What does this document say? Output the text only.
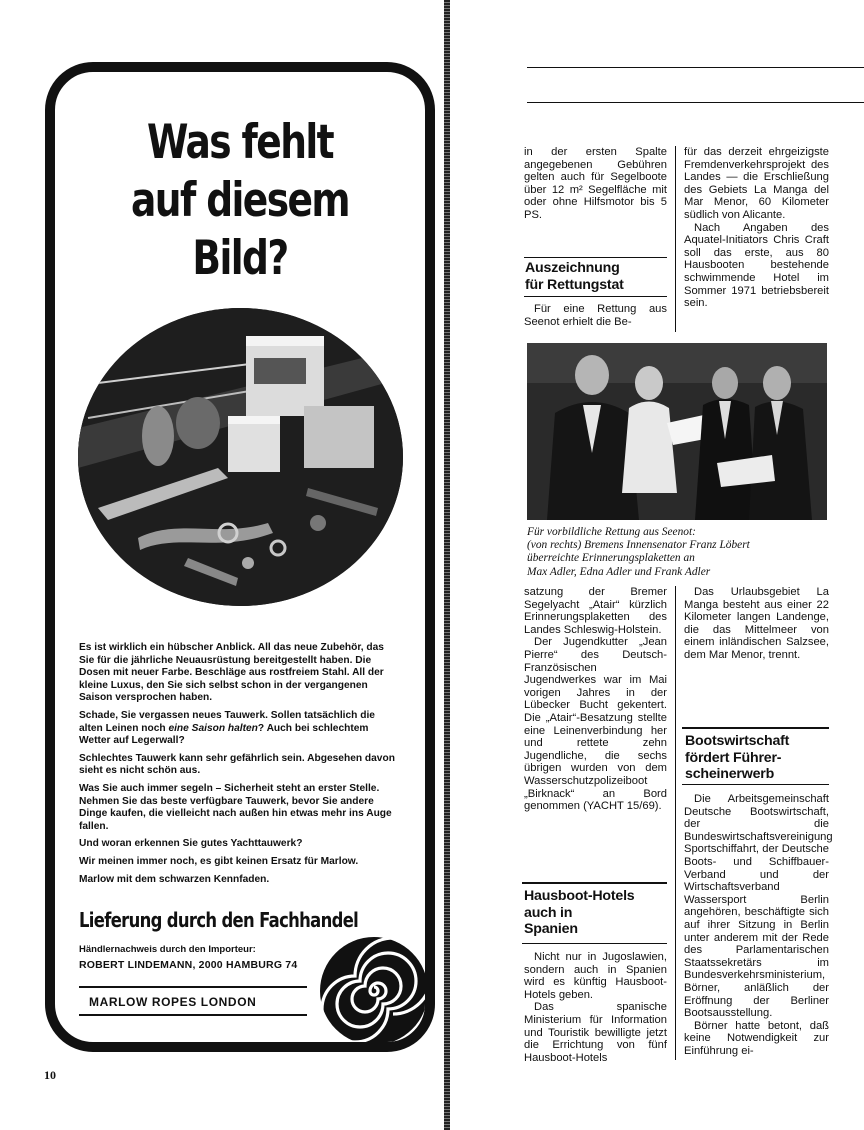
Was fehlt
auf diesem
Bild?

Es ist wirklich ein hübscher Anblick. All das neue Zubehör, das Sie für die jährliche Neuausrüstung bereitgestellt haben. Die Dosen mit neuer Farbe. Beschläge aus rostfreiem Stahl. All der kleine Luxus, den Sie sich selbst schon in der vergangenen Saison versprochen haben.

Schade, Sie vergassen neues Tauwerk. Sollen tatsächlich die alten Leinen noch eine Saison halten? Auch bei schlechtem Wetter auf Legerwall?

Schlechtes Tauwerk kann sehr gefährlich sein. Abgesehen davon sieht es nicht schön aus.

Was Sie auch immer segeln – Sicherheit steht an erster Stelle. Nehmen Sie das beste verfügbare Tauwerk, bevor Sie andere Dinge kaufen, die vielleicht nach außen hin etwas mehr ins Auge fallen.

Und woran erkennen Sie gutes Yachttauwerk?

Wir meinen immer noch, es gibt keinen Ersatz für Marlow.

Marlow mit dem schwarzen Kennfaden.

Lieferung durch den Fachhandel
Händlernachweis durch den Importeur:
ROBERT LINDEMANN, 2000 HAMBURG 74
MARLOW ROPES LONDON
10

in der ersten Spalte angegebenen Gebühren gelten auch für Segelboote über 12 m² Segelfläche mit oder ohne Hilfsmotor bis 5 PS.

Auszeichnung
für Rettungstat

Für eine Rettung aus Seenot erhielt die Be-

für das derzeit ehrgeizigste Fremdenverkehrsprojekt des Landes — die Erschließung des Gebiets La Manga del Mar Menor, 60 Kilometer südlich von Alicante.

Nach Angaben des Aquatel-Initiators Chris Craft soll das erste, aus 80 Hausbooten bestehende schwimmende Hotel im Sommer 1971 betriebsbereit sein.

Für vorbildliche Rettung aus Seenot:
(von rechts) Bremens Innensenator Franz Löbert
überreichte Erinnerungsplaketten an
Max Adler, Edna Adler und Frank Adler

satzung der Bremer Segelyacht „Atair“ kürzlich Erinnerungsplaketten des Landes Schleswig-Holstein.

Der Jugendkutter „Jean Pierre“ des Deutsch-Französischen Jugendwerkes war im Mai vorigen Jahres in der Lübecker Bucht gekentert. Die „Atair“-Besatzung stellte eine Leinenverbindung her und rettete zehn Jugendliche, die sechs übrigen wurden von dem Wasserschutzpolizeiboot „Birknack“ an Bord genommen (YACHT 15/69).

Hausboot-Hotels
auch in
Spanien

Nicht nur in Jugoslawien, sondern auch in Spanien wird es künftig Hausboot-Hotels geben.

Das spanische Ministerium für Information und Touristik bewilligte jetzt die Errichtung von fünf Hausboot-Hotels

Das Urlaubsgebiet La Manga besteht aus einer 22 Kilometer langen Landenge, die das Mittelmeer von einem inländischen Salzsee, dem Mar Menor, trennt.

Bootswirtschaft
fördert Führer-
scheinerwerb

Die Arbeitsgemeinschaft Deutsche Bootswirtschaft, der die Bundeswirtschaftsvereinigung Sportschiffahrt, der Deutsche Boots- und Schiffbauer-Verband und der Wirtschaftsverband Wassersport Berlin angehören, beschäftigte sich auf ihrer Sitzung in Berlin unter anderem mit der Rede des Parlamentarischen Staatssekretärs im Bundesverkehrsministerium, Börner, anläßlich der Eröffnung der Berliner Bootsausstellung.

Börner hatte betont, daß keine Notwendigkeit zur Einführung ei-
